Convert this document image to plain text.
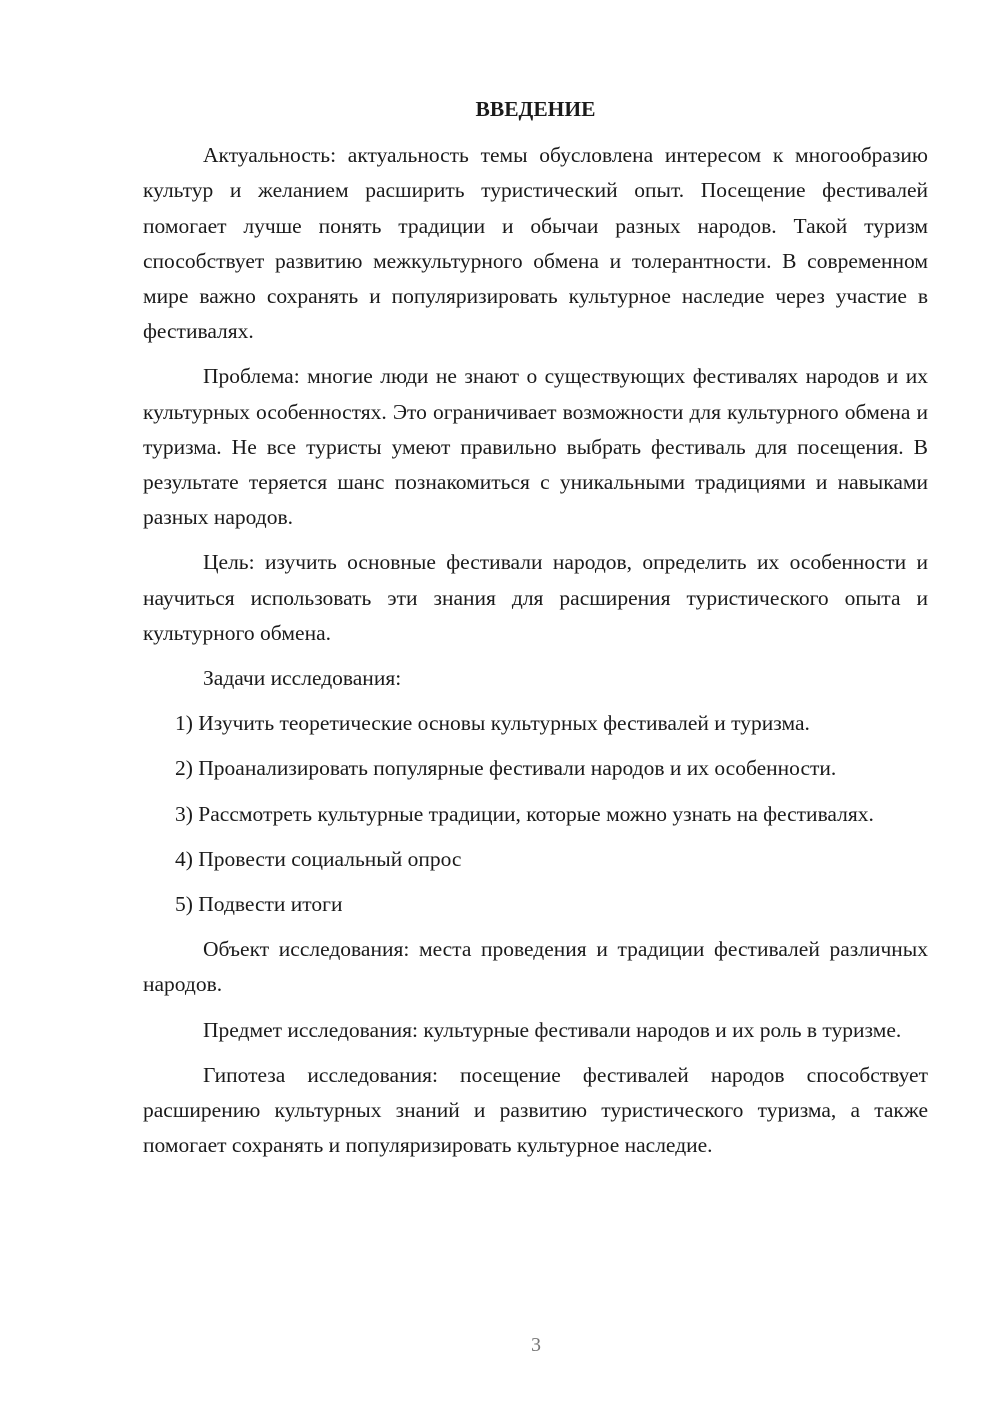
ВВЕДЕНИЕ

Актуальность: актуальность темы обусловлена интересом к многообразию культур и желанием расширить туристический опыт. Посещение фестивалей помогает лучше понять традиции и обычаи разных народов. Такой туризм способствует развитию межкультурного обмена и толерантности. В современном мире важно сохранять и популяризировать культурное наследие через участие в фестивалях.

Проблема: многие люди не знают о существующих фестивалях народов и их культурных особенностях. Это ограничивает возможности для культурного обмена и туризма. Не все туристы умеют правильно выбрать фестиваль для посещения. В результате теряется шанс познакомиться с уникальными традициями и навыками разных народов.

Цель: изучить основные фестивали народов, определить их особенности и научиться использовать эти знания для расширения туристического опыта и культурного обмена.

Задачи исследования:

1) Изучить теоретические основы культурных фестивалей и туризма.

2) Проанализировать популярные фестивали народов и их особенности.

3) Рассмотреть культурные традиции, которые можно узнать на фестивалях.

4) Провести социальный опрос

5) Подвести итоги

Объект исследования: места проведения и традиции фестивалей различных народов.

Предмет исследования: культурные фестивали народов и их роль в туризме.

Гипотеза исследования: посещение фестивалей народов способствует расширению культурных знаний и развитию туристического туризма, а также помогает сохранять и популяризировать культурное наследие.

3
